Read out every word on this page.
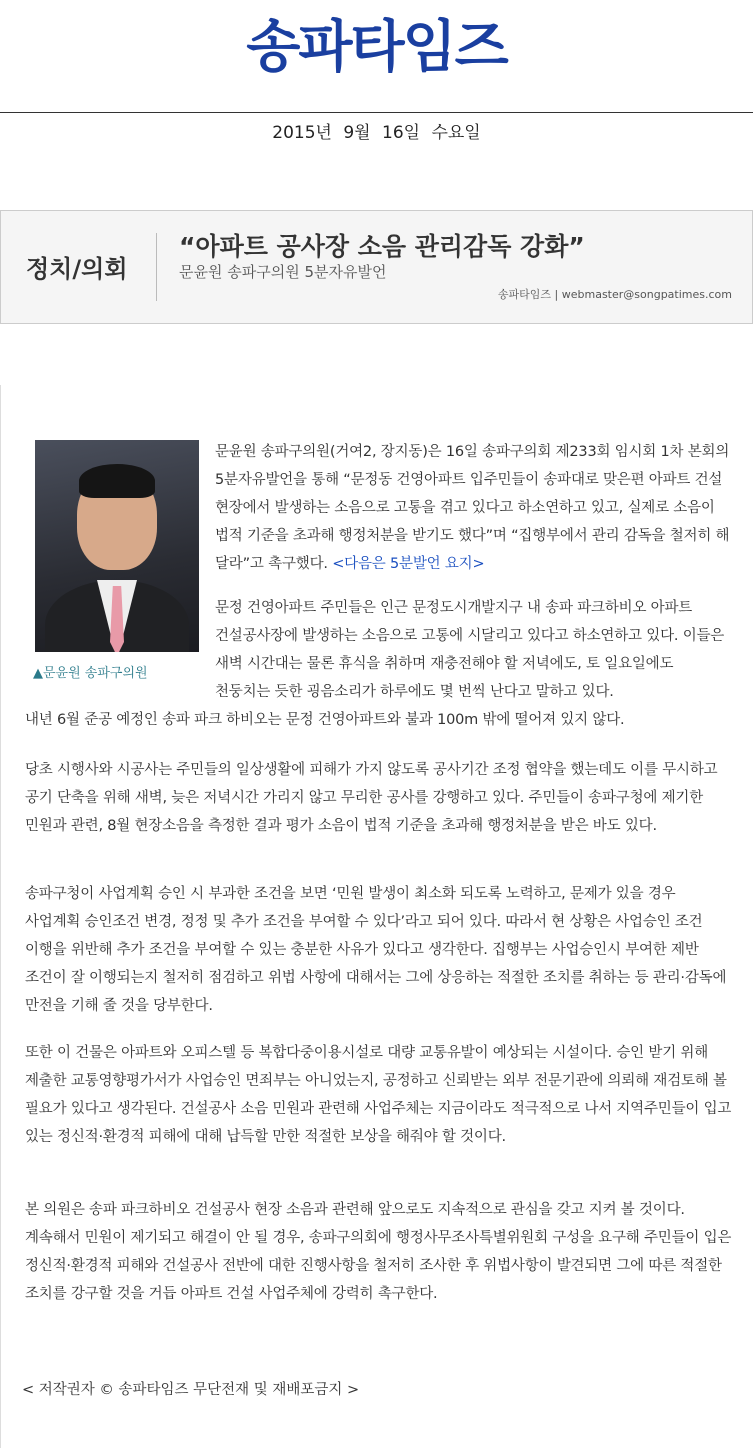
송파타임즈
2015년 9월 16일 수요일
정치/의회
“아파트 공사장 소음 관리감독 강화”
문윤원 송파구의원 5분자유발언
송파타임즈 | webmaster@songpatimes.com
▲문윤원 송파구의원
문윤원 송파구의원(거여2, 장지동)은 16일 송파구의회 제233회 임시회 1차 본회의 5분자유발언을 통해 “문정동 건영아파트 입주민들이 송파대로 맞은편 아파트 건설 현장에서 발생하는 소음으로 고통을 겪고 있다고 하소연하고 있고, 실제로 소음이 법적 기준을 초과해 행정처분을 받기도 했다”며 “집행부에서 관리 감독을 철저히 해 달라”고 촉구했다. <다음은 5분발언 요지>
문정 건영아파트 주민들은 인근 문정도시개발지구 내 송파 파크하비오 아파트 건설공사장에 발생하는 소음으로 고통에 시달리고 있다고 하소연하고 있다. 이들은 새벽 시간대는 물론 휴식을 취하며 재충전해야 할 저녁에도, 토 일요일에도 천둥치는 듯한 굉음소리가 하루에도 몇 번씩 난다고 말하고 있다.
내년 6월 준공 예정인 송파 파크 하비오는 문정 건영아파트와 불과 100m 밖에 떨어져 있지 않다.
당초 시행사와 시공사는 주민들의 일상생활에 피해가 가지 않도록 공사기간 조정 협약을 했는데도 이를 무시하고 공기 단축을 위해 새벽, 늦은 저녁시간 가리지 않고 무리한 공사를 강행하고 있다. 주민들이 송파구청에 제기한 민원과 관련, 8월 현장소음을 측정한 결과 평가 소음이 법적 기준을 초과해 행정처분을 받은 바도 있다.
송파구청이 사업계획 승인 시 부과한 조건을 보면 ‘민원 발생이 최소화 되도록 노력하고, 문제가 있을 경우 사업계획 승인조건 변경, 정정 및 추가 조건을 부여할 수 있다’라고 되어 있다. 따라서 현 상황은 사업승인 조건 이행을 위반해 추가 조건을 부여할 수 있는 충분한 사유가 있다고 생각한다. 집행부는 사업승인시 부여한 제반 조건이 잘 이행되는지 철저히 점검하고 위법 사항에 대해서는 그에 상응하는 적절한 조치를 취하는 등 관리·감독에 만전을 기해 줄 것을 당부한다.
또한 이 건물은 아파트와 오피스텔 등 복합다중이용시설로 대량 교통유발이 예상되는 시설이다. 승인 받기 위해 제출한 교통영향평가서가 사업승인 면죄부는 아니었는지, 공정하고 신뢰받는 외부 전문기관에 의뢰해 재검토해 볼 필요가 있다고 생각된다. 건설공사 소음 민원과 관련해 사업주체는 지금이라도 적극적으로 나서 지역주민들이 입고 있는 정신적·환경적 피해에 대해 납득할 만한 적절한 보상을 해줘야 할 것이다.
본 의원은 송파 파크하비오 건설공사 현장 소음과 관련해 앞으로도 지속적으로 관심을 갖고 지켜 볼 것이다. 계속해서 민원이 제기되고 해결이 안 될 경우, 송파구의회에 행정사무조사특별위원회 구성을 요구해 주민들이 입은 정신적·환경적 피해와 건설공사 전반에 대한 진행사항을 철저히 조사한 후 위법사항이 발견되면 그에 따른 적절한 조치를 강구할 것을 거듭 아파트 건설 사업주체에 강력히 촉구한다.
< 저작권자 © 송파타임즈 무단전재 및 재배포금지 >
